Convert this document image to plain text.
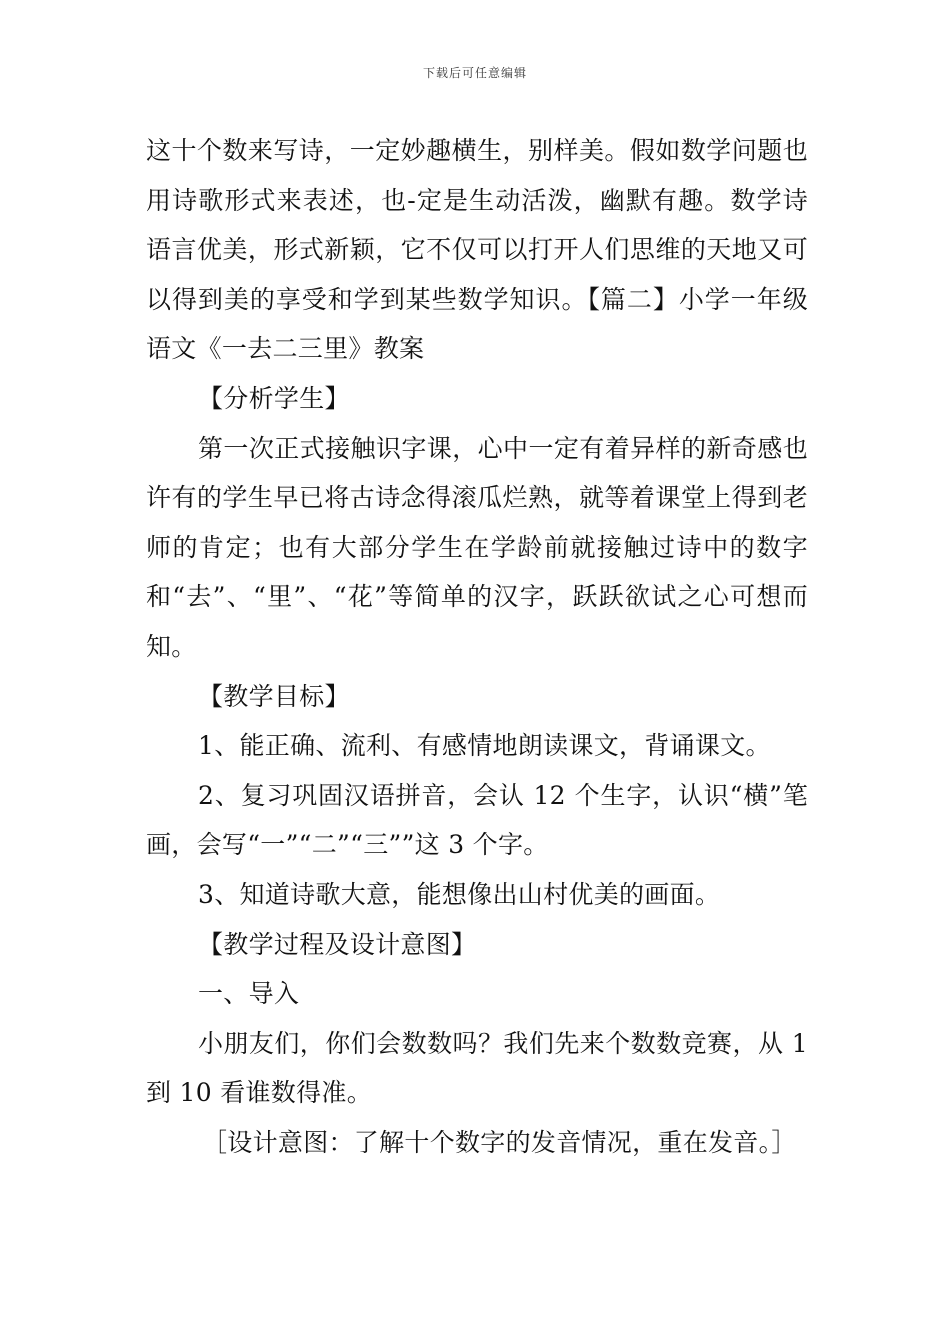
下载后可任意编辑

这十个数来写诗，一定妙趣横生，别样美。假如数学问题也用诗歌形式来表述，也-定是生动活泼，幽默有趣。数学诗语言优美，形式新颖，它不仅可以打开人们思维的天地又可以得到美的享受和学到某些数学知识。【篇二】小学一年级语文《一去二三里》教案

【分析学生】

第一次正式接触识字课，心中一定有着异样的新奇感也许有的学生早已将古诗念得滚瓜烂熟，就等着课堂上得到老师的肯定；也有大部分学生在学龄前就接触过诗中的数字和“去”、“里”、“花”等简单的汉字，跃跃欲试之心可想而知。

【教学目标】

1、能正确、流利、有感情地朗读课文，背诵课文。

2、复习巩固汉语拼音，会认 12 个生字，认识“横”笔画，会写“一”“二”“三””这 3 个字。

3、知道诗歌大意，能想像出山村优美的画面。

【教学过程及设计意图】

一、导入

小朋友们，你们会数数吗？我们先来个数数竞赛，从 1 到 10 看谁数得准。

［设计意图：了解十个数字的发音情况，重在发音。］
